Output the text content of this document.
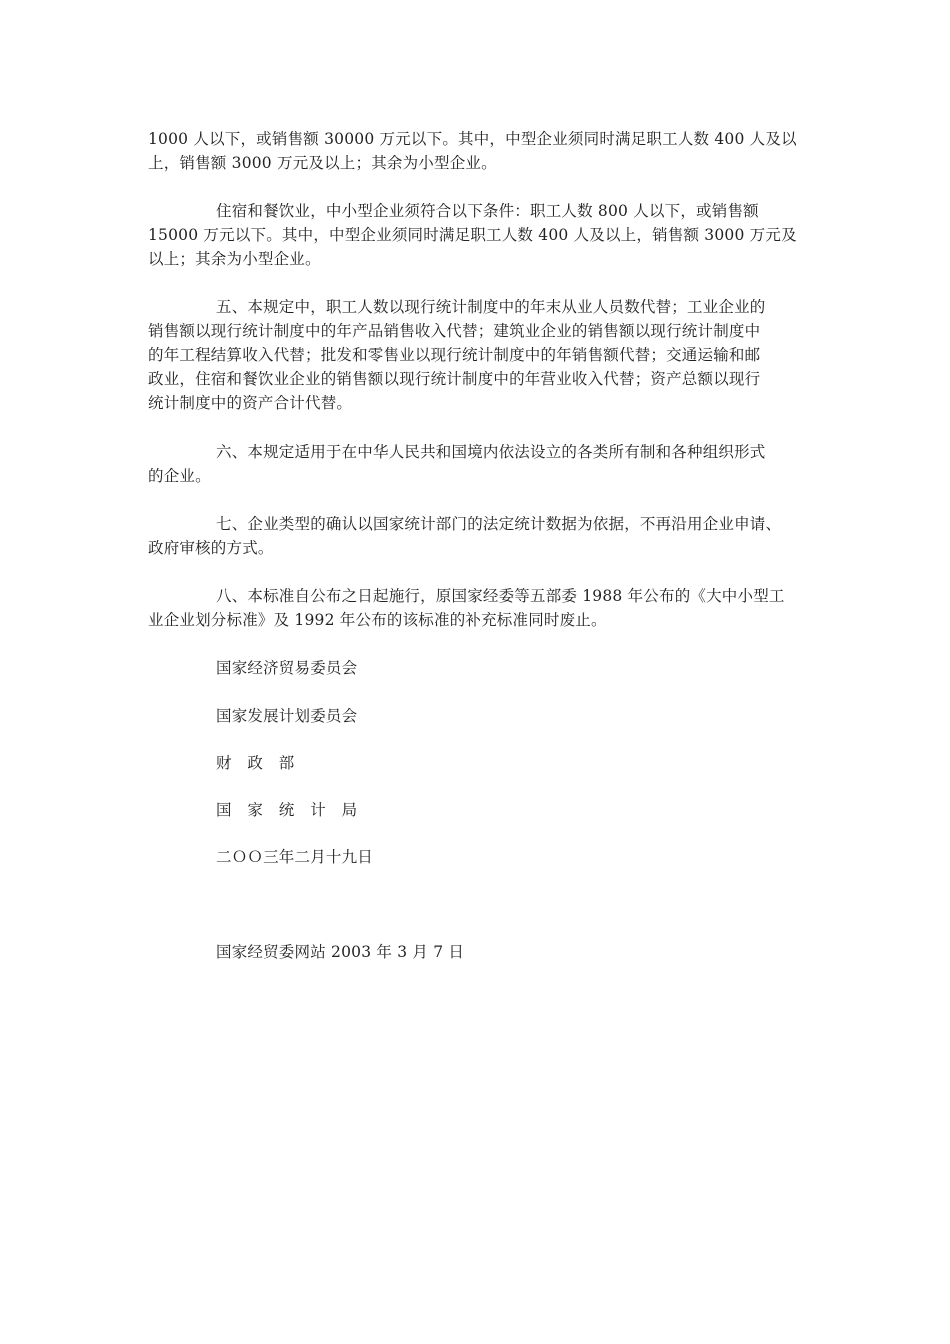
1000 人以下，或销售额 30000 万元以下。其中，中型企业须同时满足职工人数 400 人及以
上，销售额 3000 万元及以上；其余为小型企业。
住宿和餐饮业，中小型企业须符合以下条件：职工人数 800 人以下，或销售额
15000 万元以下。其中，中型企业须同时满足职工人数 400 人及以上，销售额 3000 万元及
以上；其余为小型企业。
五、本规定中，职工人数以现行统计制度中的年末从业人员数代替；工业企业的
销售额以现行统计制度中的年产品销售收入代替；建筑业企业的销售额以现行统计制度中
的年工程结算收入代替；批发和零售业以现行统计制度中的年销售额代替；交通运输和邮
政业，住宿和餐饮业企业的销售额以现行统计制度中的年营业收入代替；资产总额以现行
统计制度中的资产合计代替。
六、本规定适用于在中华人民共和国境内依法设立的各类所有制和各种组织形式
的企业。
七、企业类型的确认以国家统计部门的法定统计数据为依据，不再沿用企业申请、
政府审核的方式。
八、本标准自公布之日起施行，原国家经委等五部委 1988 年公布的《大中小型工
业企业划分标准》及 1992 年公布的该标准的补充标准同时废止。
国家经济贸易委员会
国家发展计划委员会
财　政　部
国　家　统　计　局
二ＯＯ三年二月十九日
国家经贸委网站 2003 年 3 月 7 日
